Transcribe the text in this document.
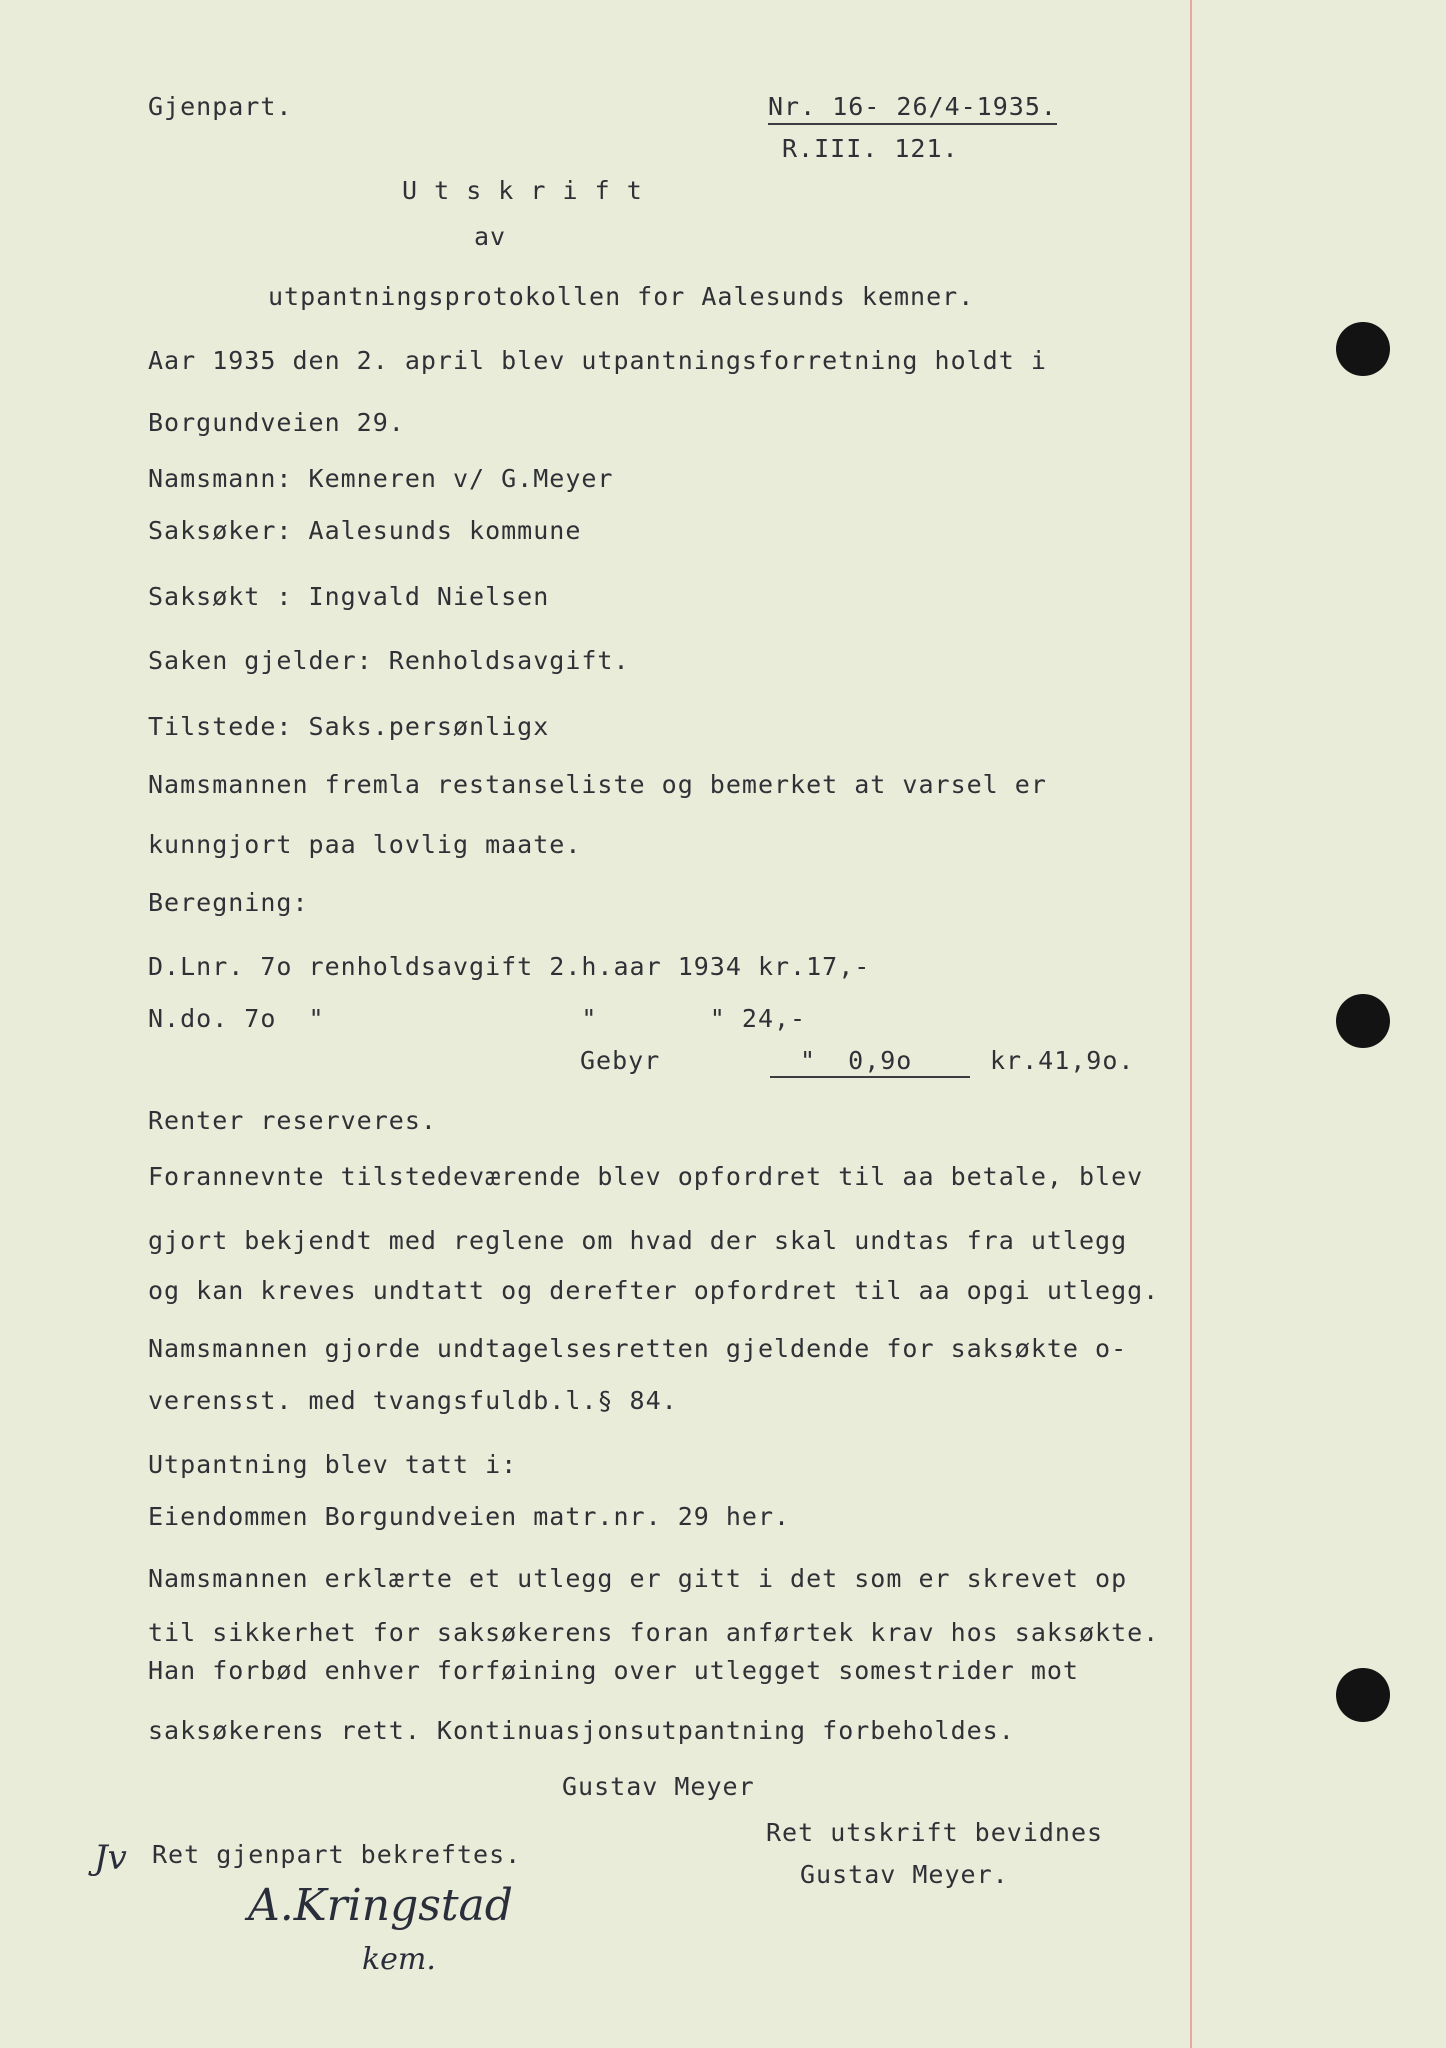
Gjenpart.	Nr. 16- 26/4-1935.
R.III. 121.
U t s k r i f t
av
utpantningsprotokollen for Aalesunds kemner.
Aar 1935 den 2. april blev utpantningsforretning holdt i
Borgundveien 29.
Namsmann: Kemneren v/ G.Meyer
Saksøker: Aalesunds kommune
Saksøkt : Ingvald Nielsen
Saken gjelder: Renholdsavgift.
Tilstede: Saks.persønligx
Namsmannen fremla restanseliste og bemerket at varsel er
kunngjort paa lovlig maate.
Beregning:
D.Lnr. 7o renholdsavgift 2.h.aar 1934 kr.17,-
N.do. 7o  "                "       " 24,-
Gebyr	"  0,9o	kr.41,9o.
Renter reserveres.
Forannevnte tilstedeværende blev opfordret til aa betale, blev
gjort bekjendt med reglene om hvad der skal undtas fra utlegg
og kan kreves undtatt og derefter opfordret til aa opgi utlegg.
Namsmannen gjorde undtagelsesretten gjeldende for saksøkte o-
verensst. med tvangsfuldb.l.§ 84.
Utpantning blev tatt i:
Eiendommen Borgundveien matr.nr. 29 her.
Namsmannen erklærte et utlegg er gitt i det som er skrevet op
til sikkerhet for saksøkerens foran anførtek krav hos saksøkte.
Han forbød enhver forføining over utlegget somestrider mot
saksøkerens rett. Kontinuasjonsutpantning forbeholdes.
Gustav Meyer
Ret utskrift bevidnes
Gustav Meyer.
Ret gjenpart bekreftes.
Jv
A.Kringstad
kem.
